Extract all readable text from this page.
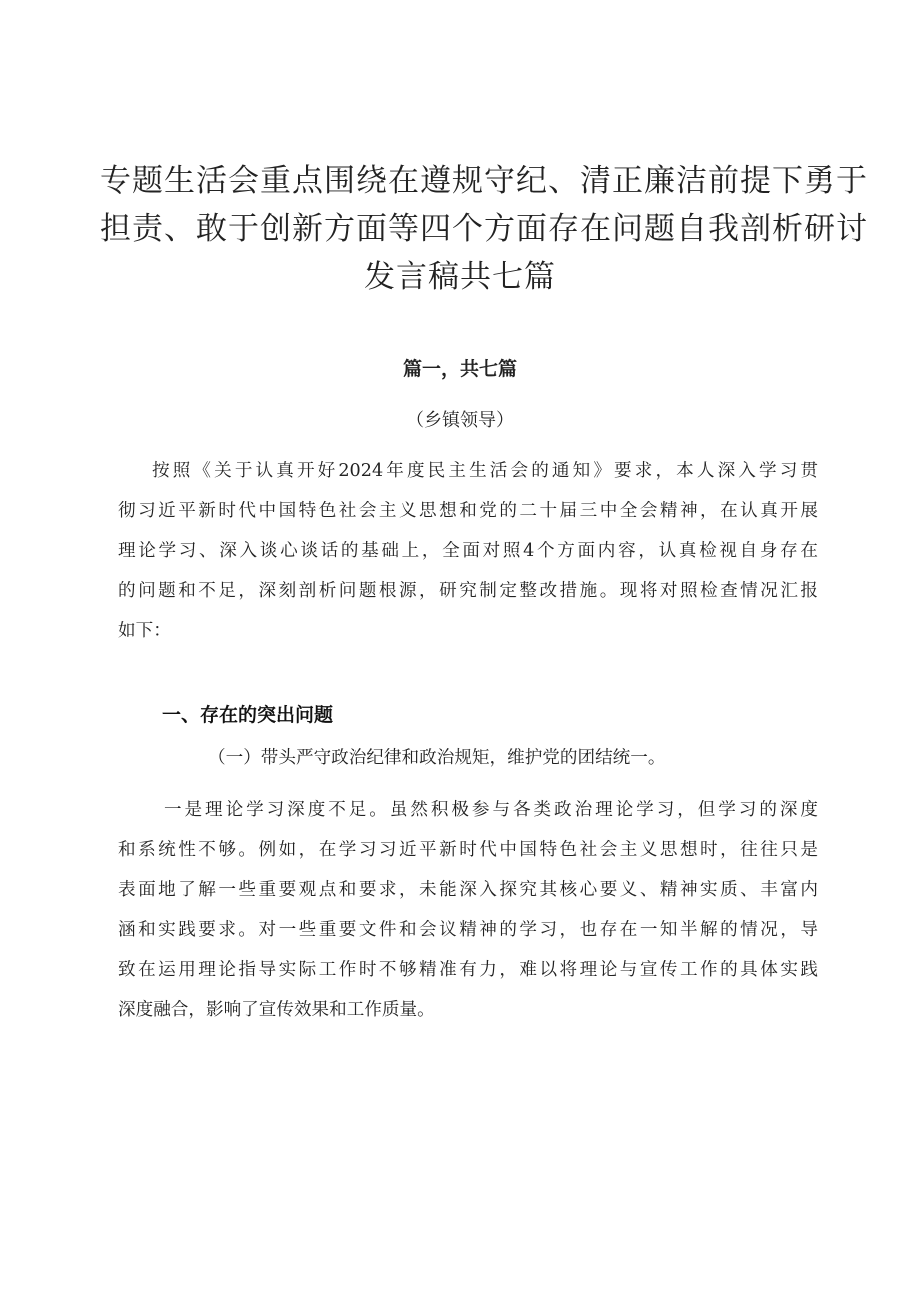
专题生活会重点围绕在遵规守纪、清正廉洁前提下勇于
担责、敢于创新方面等四个方面存在问题自我剖析研讨
发言稿共七篇
篇一，共七篇
（乡镇领导）
按照《关于认真开好2024年度民主生活会的通知》要求，本人深入学习贯
彻习近平新时代中国特色社会主义思想和党的二十届三中全会精神，在认真开展
理论学习、深入谈心谈话的基础上，全面对照4个方面内容，认真检视自身存在
的问题和不足，深刻剖析问题根源，研究制定整改措施。现将对照检查情况汇报
如下：
一、存在的突出问题
（一）带头严守政治纪律和政治规矩，维护党的团结统一。
一是理论学习深度不足。虽然积极参与各类政治理论学习，但学习的深度
和系统性不够。例如，在学习习近平新时代中国特色社会主义思想时，往往只是
表面地了解一些重要观点和要求，未能深入探究其核心要义、精神实质、丰富内
涵和实践要求。对一些重要文件和会议精神的学习，也存在一知半解的情况，导
致在运用理论指导实际工作时不够精准有力，难以将理论与宣传工作的具体实践
深度融合，影响了宣传效果和工作质量。
